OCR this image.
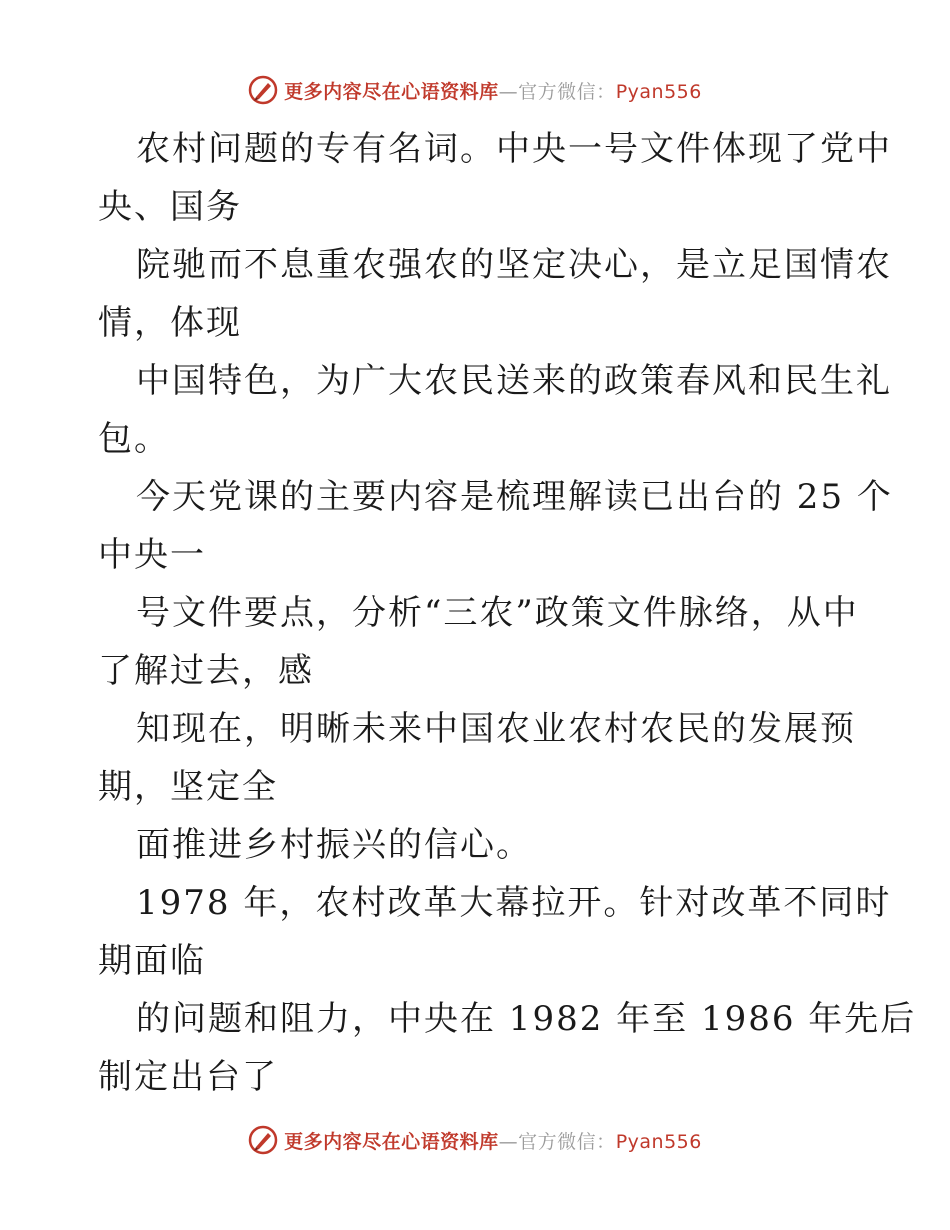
更多内容尽在心语资料库—官方微信：Pyan556
农村问题的专有名词。中央一号文件体现了党中
央、国务
院驰而不息重农强农的坚定决心，是立足国情农
情，体现
中国特色，为广大农民送来的政策春风和民生礼
包。
今天党课的主要内容是梳理解读已出台的 25 个
中央一
号文件要点，分析“三农”政策文件脉络，从中
了解过去，感
知现在，明晰未来中国农业农村农民的发展预
期，坚定全
面推进乡村振兴的信心。
1978 年，农村改革大幕拉开。针对改革不同时
期面临
的问题和阻力，中央在 1982 年至 1986 年先后
制定出台了
更多内容尽在心语资料库—官方微信：Pyan556
